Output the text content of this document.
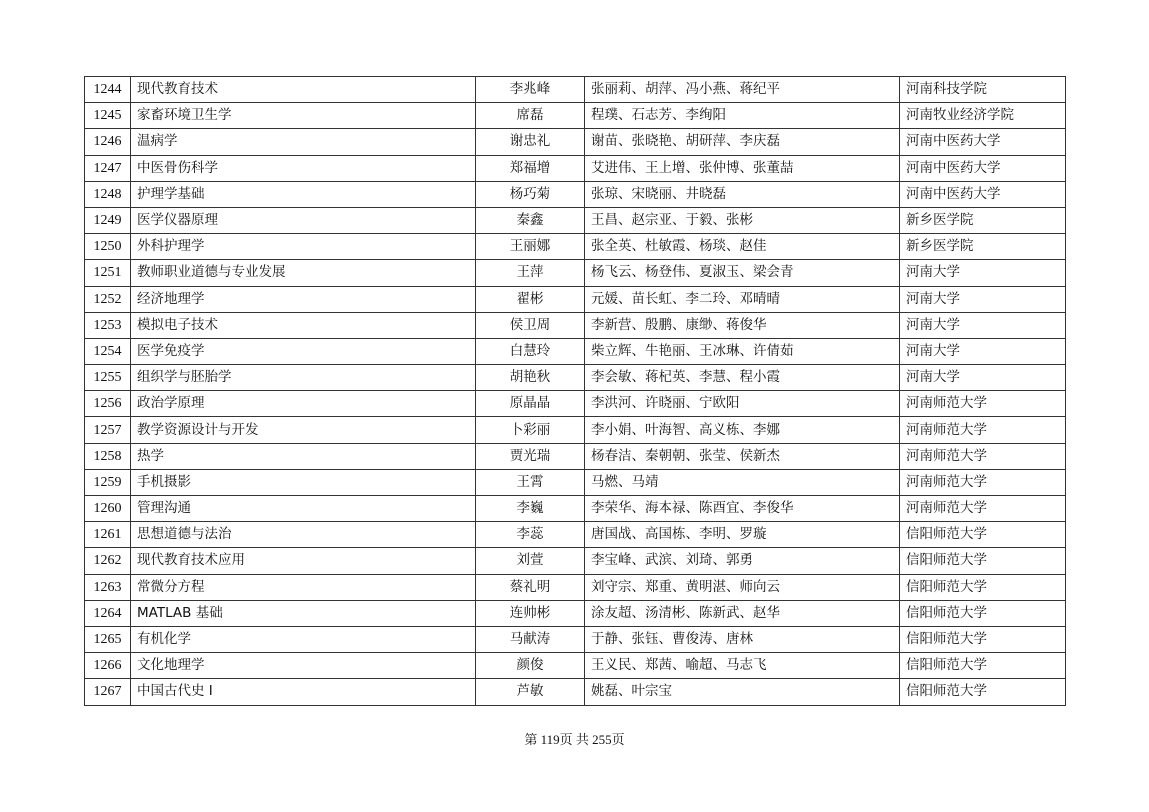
1244	现代教育技术	李兆峰	张丽莉、胡萍、冯小燕、蒋纪平	河南科技学院
1245	家畜环境卫生学	席磊	程璞、石志芳、李绚阳	河南牧业经济学院
1246	温病学	谢忠礼	谢苗、张晓艳、胡研萍、李庆磊	河南中医药大学
1247	中医骨伤科学	郑福增	艾进伟、王上增、张仲博、张董喆	河南中医药大学
1248	护理学基础	杨巧菊	张琼、宋晓丽、井晓磊	河南中医药大学
1249	医学仪器原理	秦鑫	王昌、赵宗亚、于毅、张彬	新乡医学院
1250	外科护理学	王丽娜	张全英、杜敏霞、杨琰、赵佳	新乡医学院
1251	教师职业道德与专业发展	王萍	杨飞云、杨登伟、夏淑玉、梁会青	河南大学
1252	经济地理学	翟彬	元媛、苗长虹、李二玲、邓晴晴	河南大学
1253	模拟电子技术	侯卫周	李新营、殷鹏、康缈、蒋俊华	河南大学
1254	医学免疫学	白慧玲	柴立辉、牛艳丽、王冰琳、许倩茹	河南大学
1255	组织学与胚胎学	胡艳秋	李会敏、蒋杞英、李慧、程小霞	河南大学
1256	政治学原理	原晶晶	李洪河、许晓丽、宁欧阳	河南师范大学
1257	教学资源设计与开发	卜彩丽	李小娟、叶海智、高义栋、李娜	河南师范大学
1258	热学	贾光瑞	杨春洁、秦朝朝、张莹、侯新杰	河南师范大学
1259	手机摄影	王霄	马燃、马靖	河南师范大学
1260	管理沟通	李巍	李荣华、海本禄、陈酉宜、李俊华	河南师范大学
1261	思想道德与法治	李蕊	唐国战、高国栋、李明、罗璇	信阳师范大学
1262	现代教育技术应用	刘萱	李宝峰、武滨、刘琦、郭勇	信阳师范大学
1263	常微分方程	蔡礼明	刘守宗、郑重、黄明湛、师向云	信阳师范大学
1264	MATLAB 基础	连帅彬	涂友超、汤清彬、陈新武、赵华	信阳师范大学
1265	有机化学	马献涛	于静、张钰、曹俊涛、唐林	信阳师范大学
1266	文化地理学	颜俊	王义民、郑茜、喻超、马志飞	信阳师范大学
1267	中国古代史 I	芦敏	姚磊、叶宗宝	信阳师范大学
第 119页 共 255页
